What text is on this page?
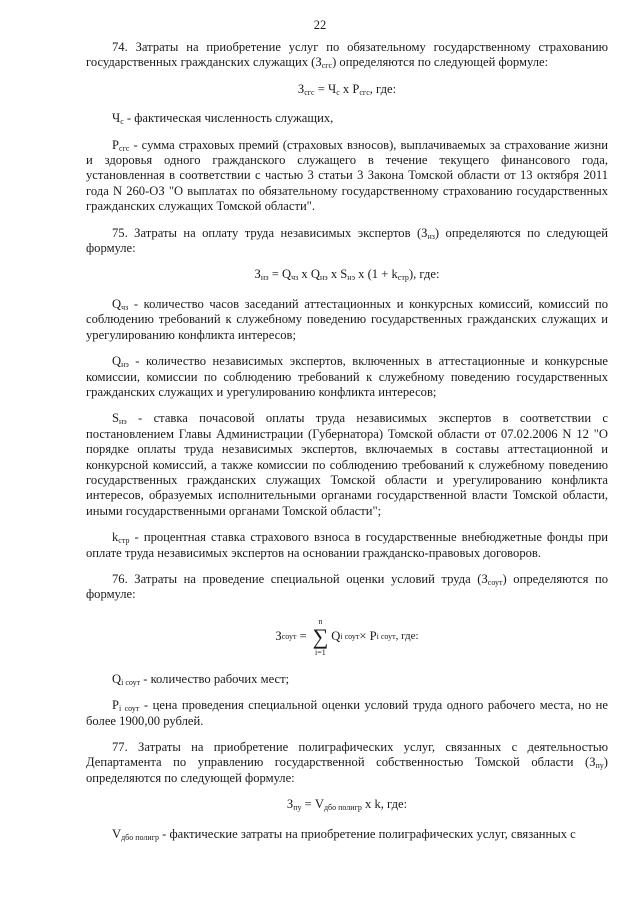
22

74. Затраты на приобретение услуг по обязательному государственному страхованию государственных гражданских служащих $(З_{сгс})$ определяются по следующей формуле:

$З_{сгс} = Ч_с$ x $Р_{сгс}$, где:

$Ч_с$ - фактическая численность служащих,

$Р_{сгс}$ - сумма страховых премий (страховых взносов), выплачиваемых за страхование жизни и здоровья одного гражданского служащего в течение текущего финансового года, установленная в соответствии с частью 3 статьи 3 Закона Томской области от 13 октября 2011 года N 260-ОЗ "О выплатах по обязательному государственному страхованию государственных гражданских служащих Томской области".

75. Затраты на оплату труда независимых экспертов $(З_{нз})$ определяются по следующей формуле:

$З_{нэ} = Q_{чз}$ x $Q_{нэ}$ x $S_{нэ}$ x $(1 + k_{стр})$, где:

$Q_{чз}$ - количество часов заседаний аттестационных и конкурсных комиссий, комиссий по соблюдению требований к служебному поведению государственных гражданских служащих и урегулированию конфликта интересов;

$Q_{нэ}$ - количество независимых экспертов, включенных в аттестационные и конкурсные комиссии, комиссии по соблюдению требований к служебному поведению государственных гражданских служащих и урегулированию конфликта интересов;

$S_{нэ}$ - ставка почасовой оплаты труда независимых экспертов в соответствии с постановлением Главы Администрации (Губернатора) Томской области от 07.02.2006 N 12 "О порядке оплаты труда независимых экспертов, включаемых в составы аттестационной и конкурсной комиссий, а также комиссии по соблюдению требований к служебному поведению государственных гражданских служащих Томской области и урегулированию конфликта интересов, образуемых исполнительными органами государственной власти Томской области, иными государственными органами Томской области";

$k_{стр}$ - процентная ставка страхового взноса в государственные внебюджетные фонды при оплате труда независимых экспертов на основании гражданско-правовых договоров.

76. Затраты на проведение специальной оценки условий труда $(З_{соут})$ определяются по формуле:

З соут =
n
∑
i=1
Q i соут × P i соут , где:

$Q_{i соут}$ - количество рабочих мест;

$P_{i соут}$ - цена проведения специальной оценки условий труда одного рабочего места, но не более 1900,00 рублей.

77. Затраты на приобретение полиграфических услуг, связанных с деятельностью Департамента по управлению государственной собственностью Томской области $(З_{пу})$ определяются по следующей формуле:

$З_{пу} = V_{дбо полигр}$ x k, где:

$V_{дбо полигр}$ - фактические затраты на приобретение полиграфических услуг, связанных с
